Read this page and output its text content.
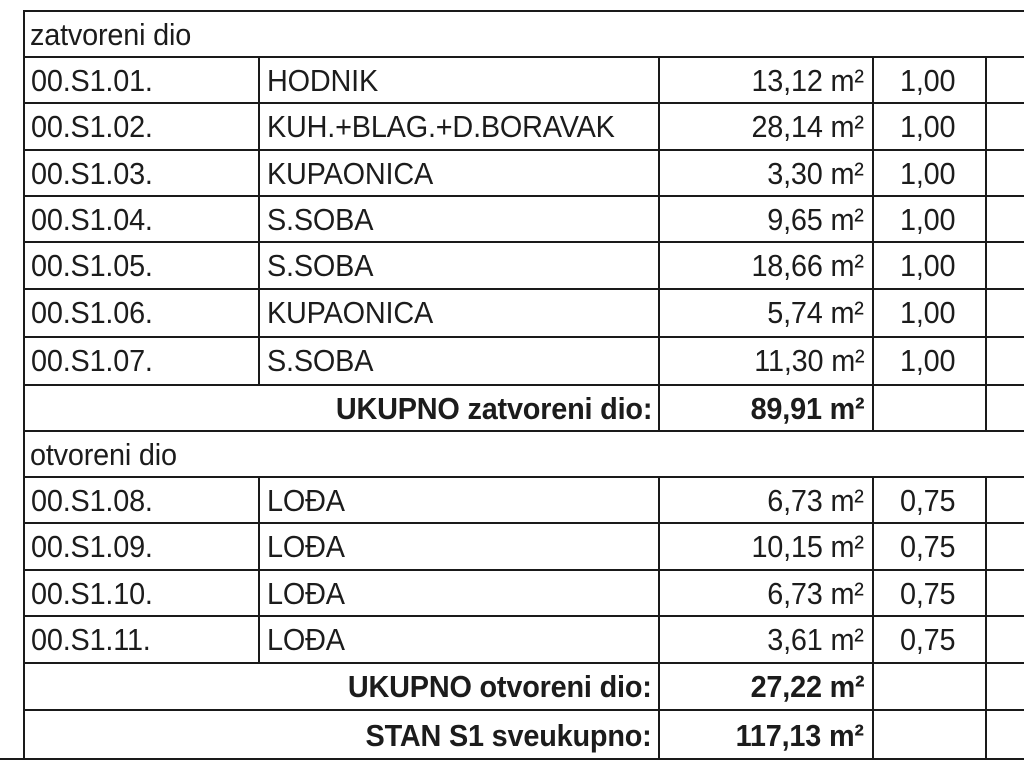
zatvoreni dio
00.S1.01.	HODNIK	13,12 m² 1,00
00.S1.02.	KUH.+BLAG.+D.BORAVAK	28,14 m² 1,00
00.S1.03.	KUPAONICA	3,30 m² 1,00
00.S1.04.	S.SOBA	9,65 m² 1,00
00.S1.05.	S.SOBA	18,66 m² 1,00
00.S1.06.	KUPAONICA	5,74 m² 1,00
00.S1.07.	S.SOBA	11,30 m² 1,00
UKUPNO zatvoreni dio:	89,91 m²
otvoreni dio
00.S1.08.	LOĐA	6,73 m² 0,75
00.S1.09.	LOĐA	10,15 m² 0,75
00.S1.10.	LOĐA	6,73 m² 0,75
00.S1.11.	LOĐA	3,61 m² 0,75
UKUPNO otvoreni dio:	27,22 m²
STAN S1 sveukupno:	117,13 m²
